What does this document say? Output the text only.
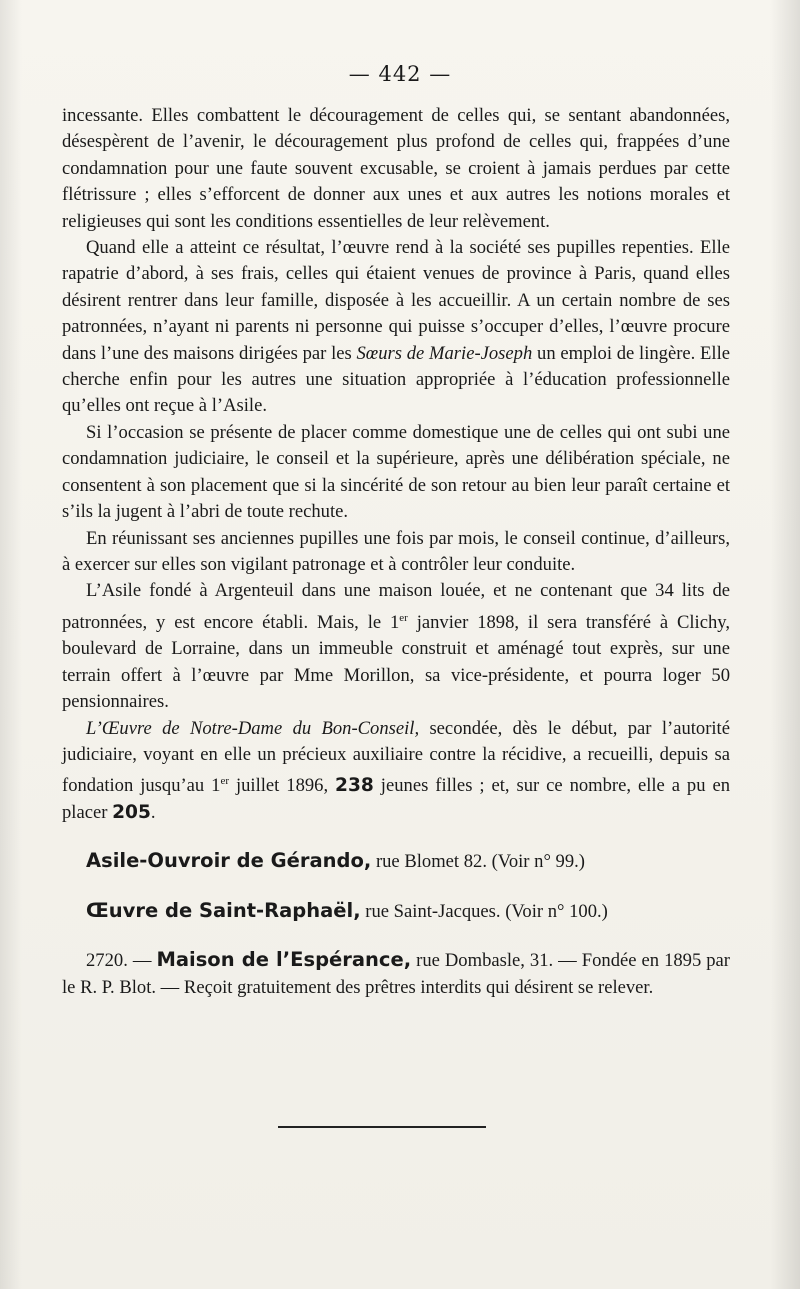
— 442 —

incessante. Elles combattent le découragement de celles qui, se sentant abandonnées, désespèrent de l’avenir, le découragement plus profond de celles qui, frappées d’une condamnation pour une faute souvent excusable, se croient à jamais perdues par cette flétrissure ; elles s’efforcent de donner aux unes et aux autres les notions morales et religieuses qui sont les conditions essentielles de leur relèvement.

Quand elle a atteint ce résultat, l’œuvre rend à la société ses pupilles repenties. Elle rapatrie d’abord, à ses frais, celles qui étaient venues de province à Paris, quand elles désirent rentrer dans leur famille, disposée à les accueillir. A un certain nombre de ses patronnées, n’ayant ni parents ni personne qui puisse s’occuper d’elles, l’œuvre procure dans l’une des maisons dirigées par les Sœurs de Marie-Joseph un emploi de lingère. Elle cherche enfin pour les autres une situation appropriée à l’éducation professionnelle qu’elles ont reçue à l’Asile.

Si l’occasion se présente de placer comme domestique une de celles qui ont subi une condamnation judiciaire, le conseil et la supérieure, après une délibération spéciale, ne consentent à son placement que si la sincérité de son retour au bien leur paraît certaine et s’ils la jugent à l’abri de toute rechute.

En réunissant ses anciennes pupilles une fois par mois, le conseil continue, d’ailleurs, à exercer sur elles son vigilant patronage et à contrôler leur conduite.

L’Asile fondé à Argenteuil dans une maison louée, et ne contenant que 34 lits de patronnées, y est encore établi. Mais, le 1er janvier 1898, il sera transféré à Clichy, boulevard de Lorraine, dans un immeuble construit et aménagé tout exprès, sur une terrain offert à l’œuvre par Mme Morillon, sa vice-présidente, et pourra loger 50 pensionnaires.

L’Œuvre de Notre-Dame du Bon-Conseil, secondée, dès le début, par l’autorité judiciaire, voyant en elle un précieux auxiliaire contre la récidive, a recueilli, depuis sa fondation jusqu’au 1er juillet 1896, 238 jeunes filles ; et, sur ce nombre, elle a pu en placer 205.

Asile-Ouvroir de Gérando, rue Blomet 82. (Voir n° 99.)

Œuvre de Saint-Raphaël, rue Saint-Jacques. (Voir n° 100.)

2720. — Maison de l’Espérance, rue Dombasle, 31. — Fondée en 1895 par le R. P. Blot. — Reçoit gratuitement des prêtres interdits qui désirent se relever.
